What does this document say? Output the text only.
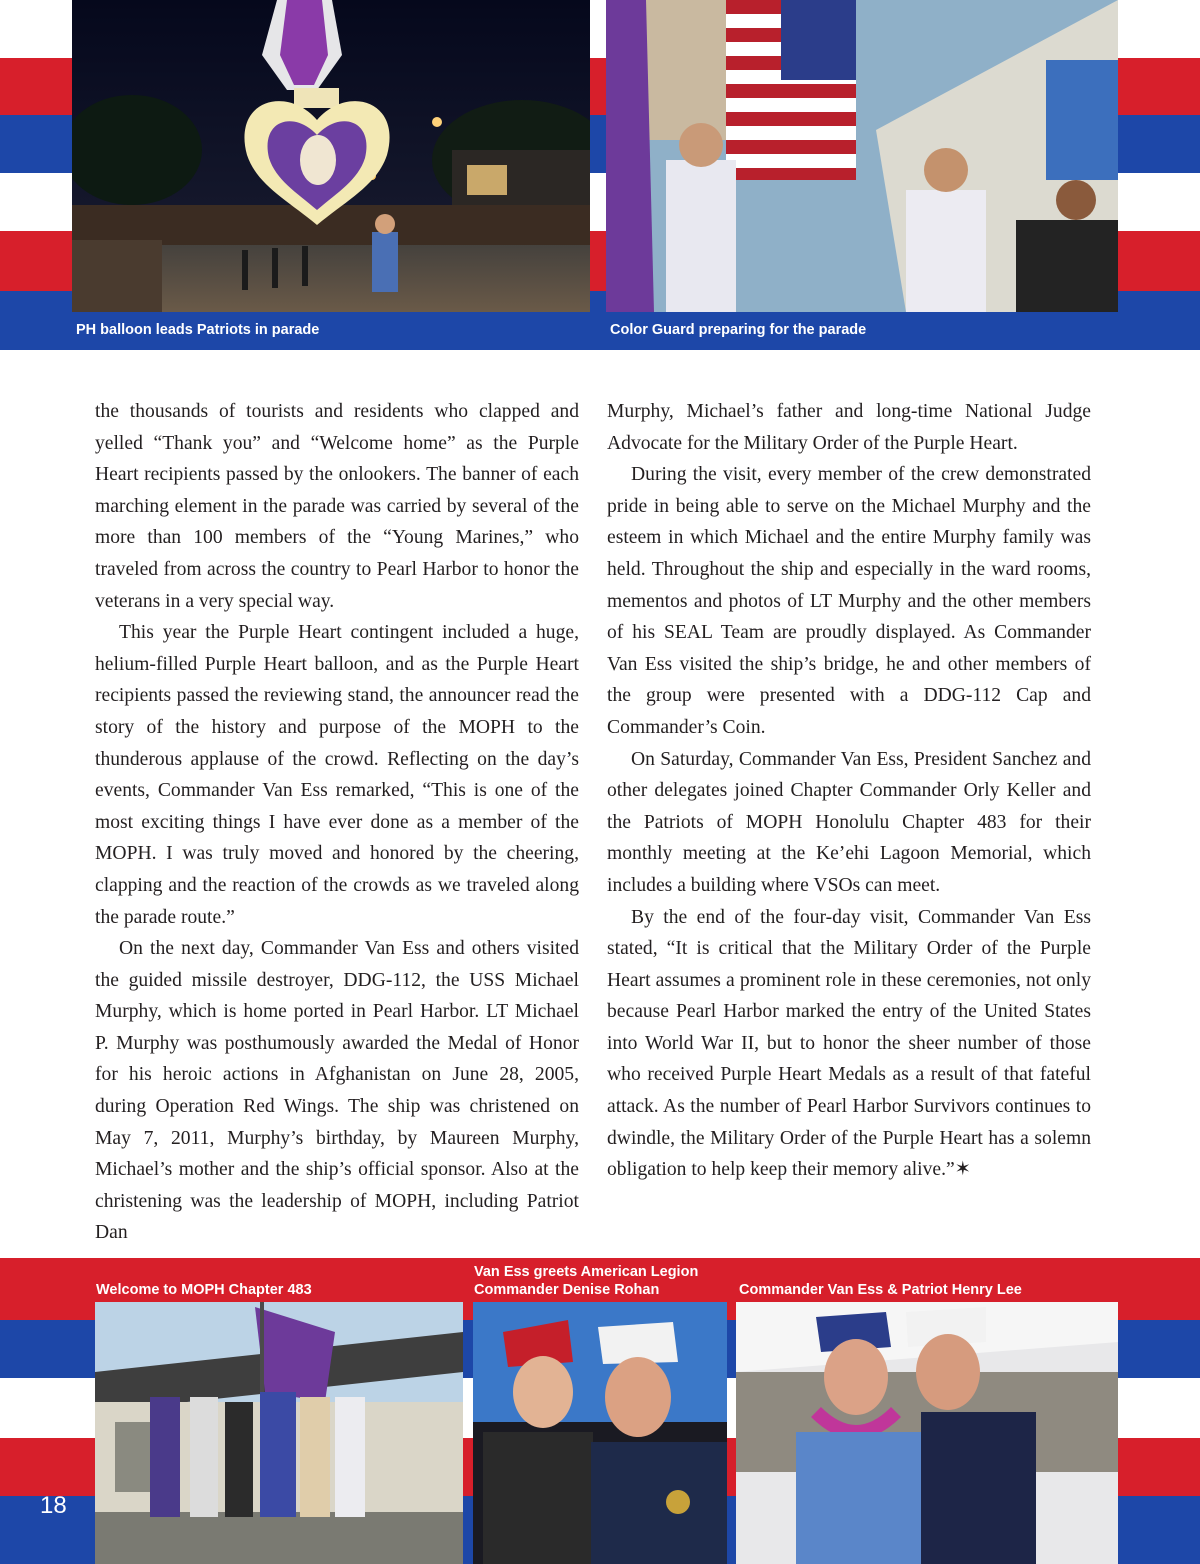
PH balloon leads Patriots in parade	Color Guard preparing for the parade

the thousands of tourists and residents who clapped and yelled “Thank you” and “Welcome home” as the Purple Heart recipients passed by the onlookers. The banner of each marching element in the parade was carried by several of the more than 100 members of the “Young Marines,” who traveled from across the country to Pearl Harbor to honor the veterans in a very special way.

This year the Purple Heart contingent included a huge, helium-filled Purple Heart balloon, and as the Purple Heart recipients passed the reviewing stand, the announcer read the story of the history and purpose of the MOPH to the thunderous applause of the crowd. Reflecting on the day’s events, Commander Van Ess remarked, “This is one of the most exciting things I have ever done as a member of the MOPH. I was truly moved and honored by the cheering, clapping and the reaction of the crowds as we traveled along the parade route.”

On the next day, Commander Van Ess and others visited the guided missile destroyer, DDG-112, the USS Michael Murphy, which is home ported in Pearl Harbor. LT Michael P. Murphy was posthumously awarded the Medal of Honor for his heroic actions in Afghanistan on June 28, 2005, during Operation Red Wings. The ship was christened on May 7, 2011, Murphy’s birthday, by Maureen Murphy, Michael’s mother and the ship’s official sponsor. Also at the christening was the leadership of MOPH, including Patriot Dan

Murphy, Michael’s father and long-time National Judge Advocate for the Military Order of the Purple Heart.

During the visit, every member of the crew demonstrated pride in being able to serve on the Michael Murphy and the esteem in which Michael and the entire Murphy family was held. Throughout the ship and especially in the ward rooms, mementos and photos of LT Murphy and the other members of his SEAL Team are proudly displayed. As Commander Van Ess visited the ship’s bridge, he and other members of the group were presented with a DDG-112 Cap and Commander’s Coin.

On Saturday, Commander Van Ess, President Sanchez and other delegates joined Chapter Commander Orly Keller and the Patriots of MOPH Honolulu Chapter 483 for their monthly meeting at the Ke’ehi Lagoon Memorial, which includes a building where VSOs can meet.

By the end of the four-day visit, Commander Van Ess stated, “It is critical that the Military Order of the Purple Heart assumes a prominent role in these ceremonies, not only because Pearl Harbor marked the entry of the United States into World War II, but to honor the sheer number of those who received Purple Heart Medals as a result of that fateful attack. As the number of Pearl Harbor Survivors continues to dwindle, the Military Order of the Purple Heart has a solemn obligation to help keep their memory alive.”✶

Welcome to MOPH Chapter 483
Van Ess greets American Legion
Commander Denise Rohan	Commander Van Ess & Patriot Henry Lee
18
